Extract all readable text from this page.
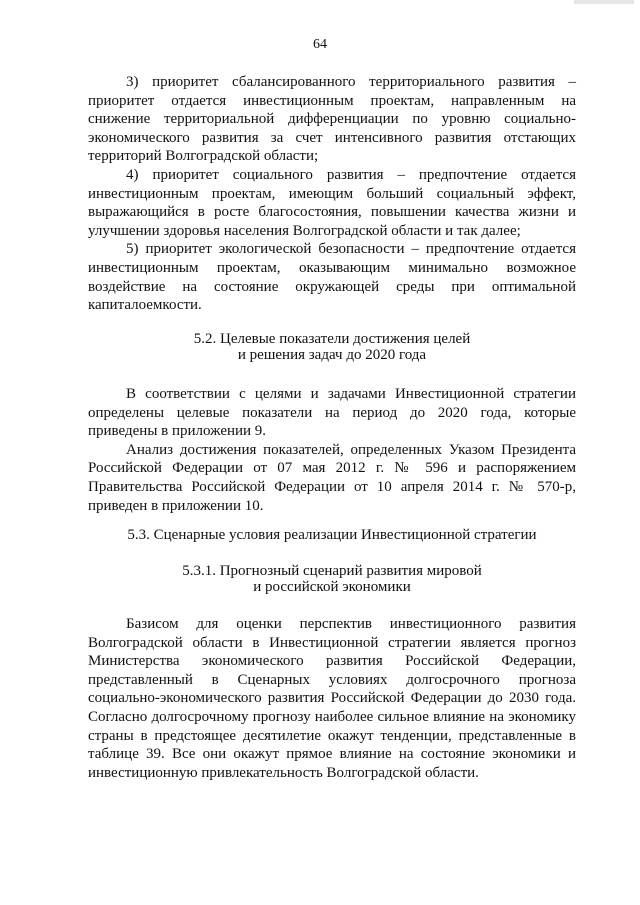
64

3) приоритет сбалансированного территориального развития – приоритет отдается инвестиционным проектам, направленным на снижение территориальной дифференциации по уровню социально-экономического развития за счет интенсивного развития отстающих территорий Волгоградской области;

4) приоритет социального развития – предпочтение отдается инвестиционным проектам, имеющим больший социальный эффект, выражающийся в росте благосостояния, повышении качества жизни и улучшении здоровья населения Волгоградской области и так далее;

5) приоритет экологической безопасности – предпочтение отдается инвестиционным проектам, оказывающим минимально возможное воздействие на состояние окружающей среды при оптимальной капиталоемкости.

5.2. Целевые показатели достижения целей
и решения задач до 2020 года

В соответствии с целями и задачами Инвестиционной стратегии определены целевые показатели на период до 2020 года, которые приведены в приложении 9.

Анализ достижения показателей, определенных Указом Президента Российской Федерации от 07 мая 2012 г. № 596 и распоряжением Правительства Российской Федерации от 10 апреля 2014 г. № 570-р, приведен в приложении 10.

5.3. Сценарные условия реализации Инвестиционной стратегии
5.3.1. Прогнозный сценарий развития мировой
и российской экономики

Базисом для оценки перспектив инвестиционного развития Волгоградской области в Инвестиционной стратегии является прогноз Министерства экономического развития Российской Федерации, представленный в Сценарных условиях долгосрочного прогноза социально-экономического развития Российской Федерации до 2030 года. Согласно долгосрочному прогнозу наиболее сильное влияние на экономику страны в предстоящее десятилетие окажут тенденции, представленные в таблице 39. Все они окажут прямое влияние на состояние экономики и инвестиционную привлекательность Волгоградской области.
